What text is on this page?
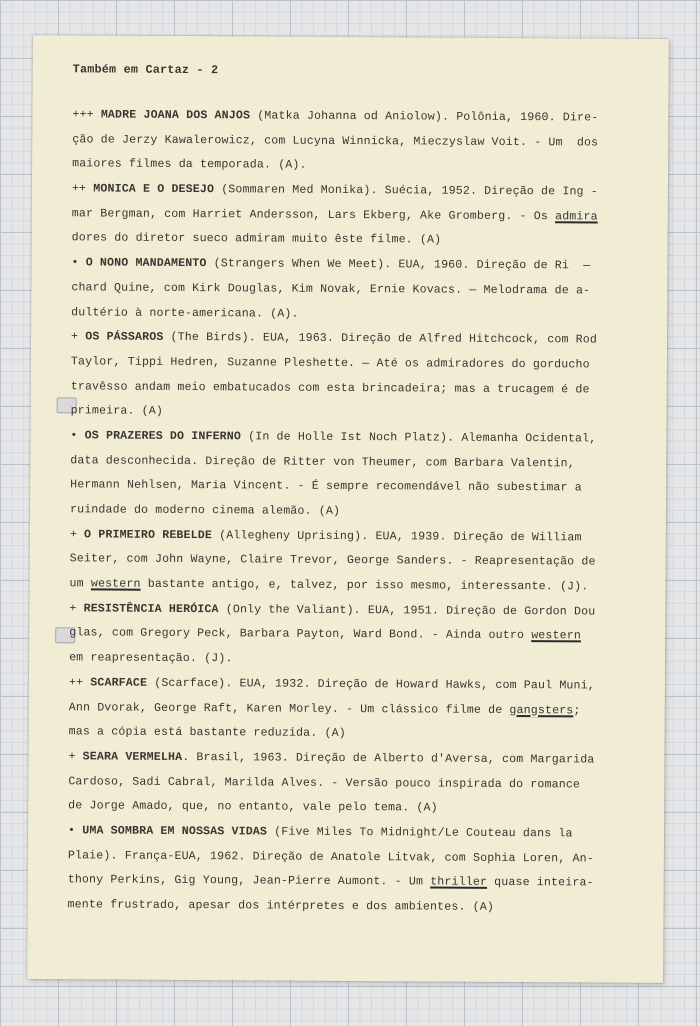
Também em Cartaz - 2
+++ MADRE JOANA DOS ANJOS (Matka Johanna od Aniolow). Polônia, 1960. Dire-
ção de Jerzy Kawalerowicz, com Lucyna Winnicka, Mieczyslaw Voit. - Um  dos
maiores filmes da temporada. (A).
++ MONICA E O DESEJO (Sommaren Med Monika). Suécia, 1952. Direção de Ing -
mar Bergman, com Harriet Andersson, Lars Ekberg, Ake Gromberg. - Os admira
dores do diretor sueco admiram muito êste filme. (A)
• O NONO MANDAMENTO (Strangers When We Meet). EUA, 1960. Direção de Ri  —
chard Quine, com Kirk Douglas, Kim Novak, Ernie Kovacs. — Melodrama de a-
dultério à norte-americana. (A).
+ OS PÁSSAROS (The Birds). EUA, 1963. Direção de Alfred Hitchcock, com Rod
Taylor, Tippi Hedren, Suzanne Pleshette. — Até os admiradores do gorducho
travêsso andam meio embatucados com esta brincadeira; mas a trucagem é de
primeira. (A)
• OS PRAZERES DO INFERNO (In de Holle Ist Noch Platz). Alemanha Ocidental,
data desconhecida. Direção de Ritter von Theumer, com Barbara Valentin,
Hermann Nehlsen, Maria Vincent. - É sempre recomendável não subestimar a
ruindade do moderno cinema alemão. (A)
+ O PRIMEIRO REBELDE (Allegheny Uprising). EUA, 1939. Direção de William
Seiter, com John Wayne, Claire Trevor, George Sanders. - Reapresentação de
um western bastante antigo, e, talvez, por isso mesmo, interessante. (J).
+ RESISTÊNCIA HERÓICA (Only the Valiant). EUA, 1951. Direção de Gordon Dou
glas, com Gregory Peck, Barbara Payton, Ward Bond. - Ainda outro western
em reapresentação. (J).
++ SCARFACE (Scarface). EUA, 1932. Direção de Howard Hawks, com Paul Muni,
Ann Dvorak, George Raft, Karen Morley. - Um clássico filme de gangsters;
mas a cópia está bastante reduzida. (A)
+ SEARA VERMELHA. Brasil, 1963. Direção de Alberto d'Aversa, com Margarida
Cardoso, Sadi Cabral, Marilda Alves. - Versão pouco inspirada do romance
de Jorge Amado, que, no entanto, vale pelo tema. (A)
• UMA SOMBRA EM NOSSAS VIDAS (Five Miles To Midnight/Le Couteau dans la
Plaie). França-EUA, 1962. Direção de Anatole Litvak, com Sophia Loren, An-
thony Perkins, Gig Young, Jean-Pierre Aumont. - Um thriller quase inteira-
mente frustrado, apesar dos intérpretes e dos ambientes. (A)
